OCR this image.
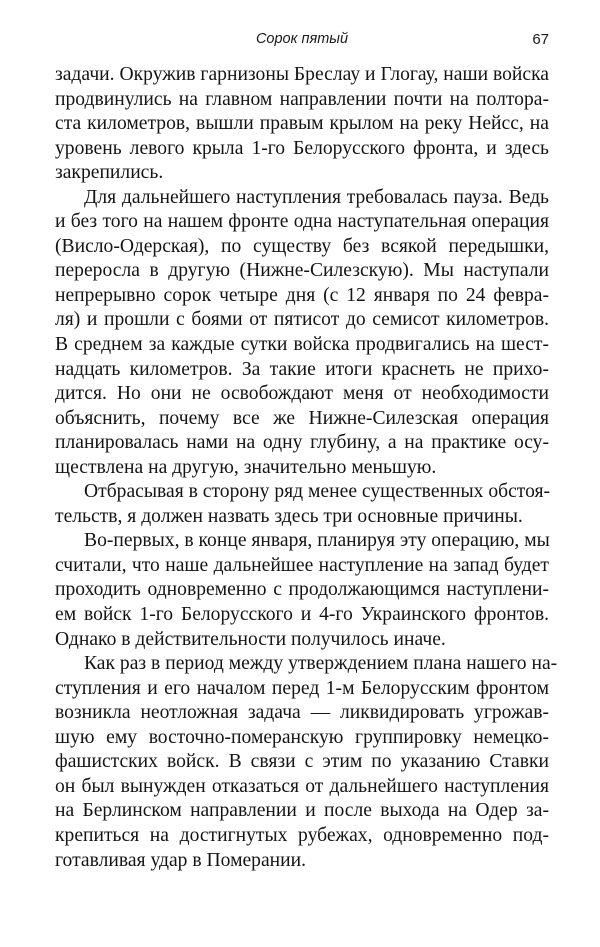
Сорок пятый	67
задачи. Окружив гарнизоны Бреслау и Глогау, наши войска
продвинулись на главном направлении почти на полтора-
ста километров, вышли правым крылом на реку Нейсс, на
уровень левого крыла 1-го Белорусского фронта, и здесь
закрепились.
Для дальнейшего наступления требовалась пауза. Ведь
и без того на нашем фронте одна наступательная операция
(Висло-Одерская), по существу без всякой передышки,
переросла в другую (Нижне-Силезскую). Мы наступали
непрерывно сорок четыре дня (с 12 января по 24 февра-
ля) и прошли с боями от пятисот до семисот километров.
В среднем за каждые сутки войска продвигались на шест-
надцать километров. За такие итоги краснеть не прихо-
дится. Но они не освобождают меня от необходимости
объяснить, почему все же Нижне-Силезская операция
планировалась нами на одну глубину, а на практике осу-
ществлена на другую, значительно меньшую.
Отбрасывая в сторону ряд менее существенных обстоя-
тельств, я должен назвать здесь три основные причины.
Во-первых, в конце января, планируя эту операцию, мы
считали, что наше дальнейшее наступление на запад будет
проходить одновременно с продолжающимся наступлени-
ем войск 1-го Белорусского и 4-го Украинского фронтов.
Однако в действительности получилось иначе.
Как раз в период между утверждением плана нашего на-
ступления и его началом перед 1-м Белорусским фронтом
возникла неотложная задача — ликвидировать угрожав-
шую ему восточно-померанскую группировку немецко-
фашистских войск. В связи с этим по указанию Ставки
он был вынужден отказаться от дальнейшего наступления
на Берлинском направлении и после выхода на Одер за-
крепиться на достигнутых рубежах, одновременно под-
готавливая удар в Померании.
